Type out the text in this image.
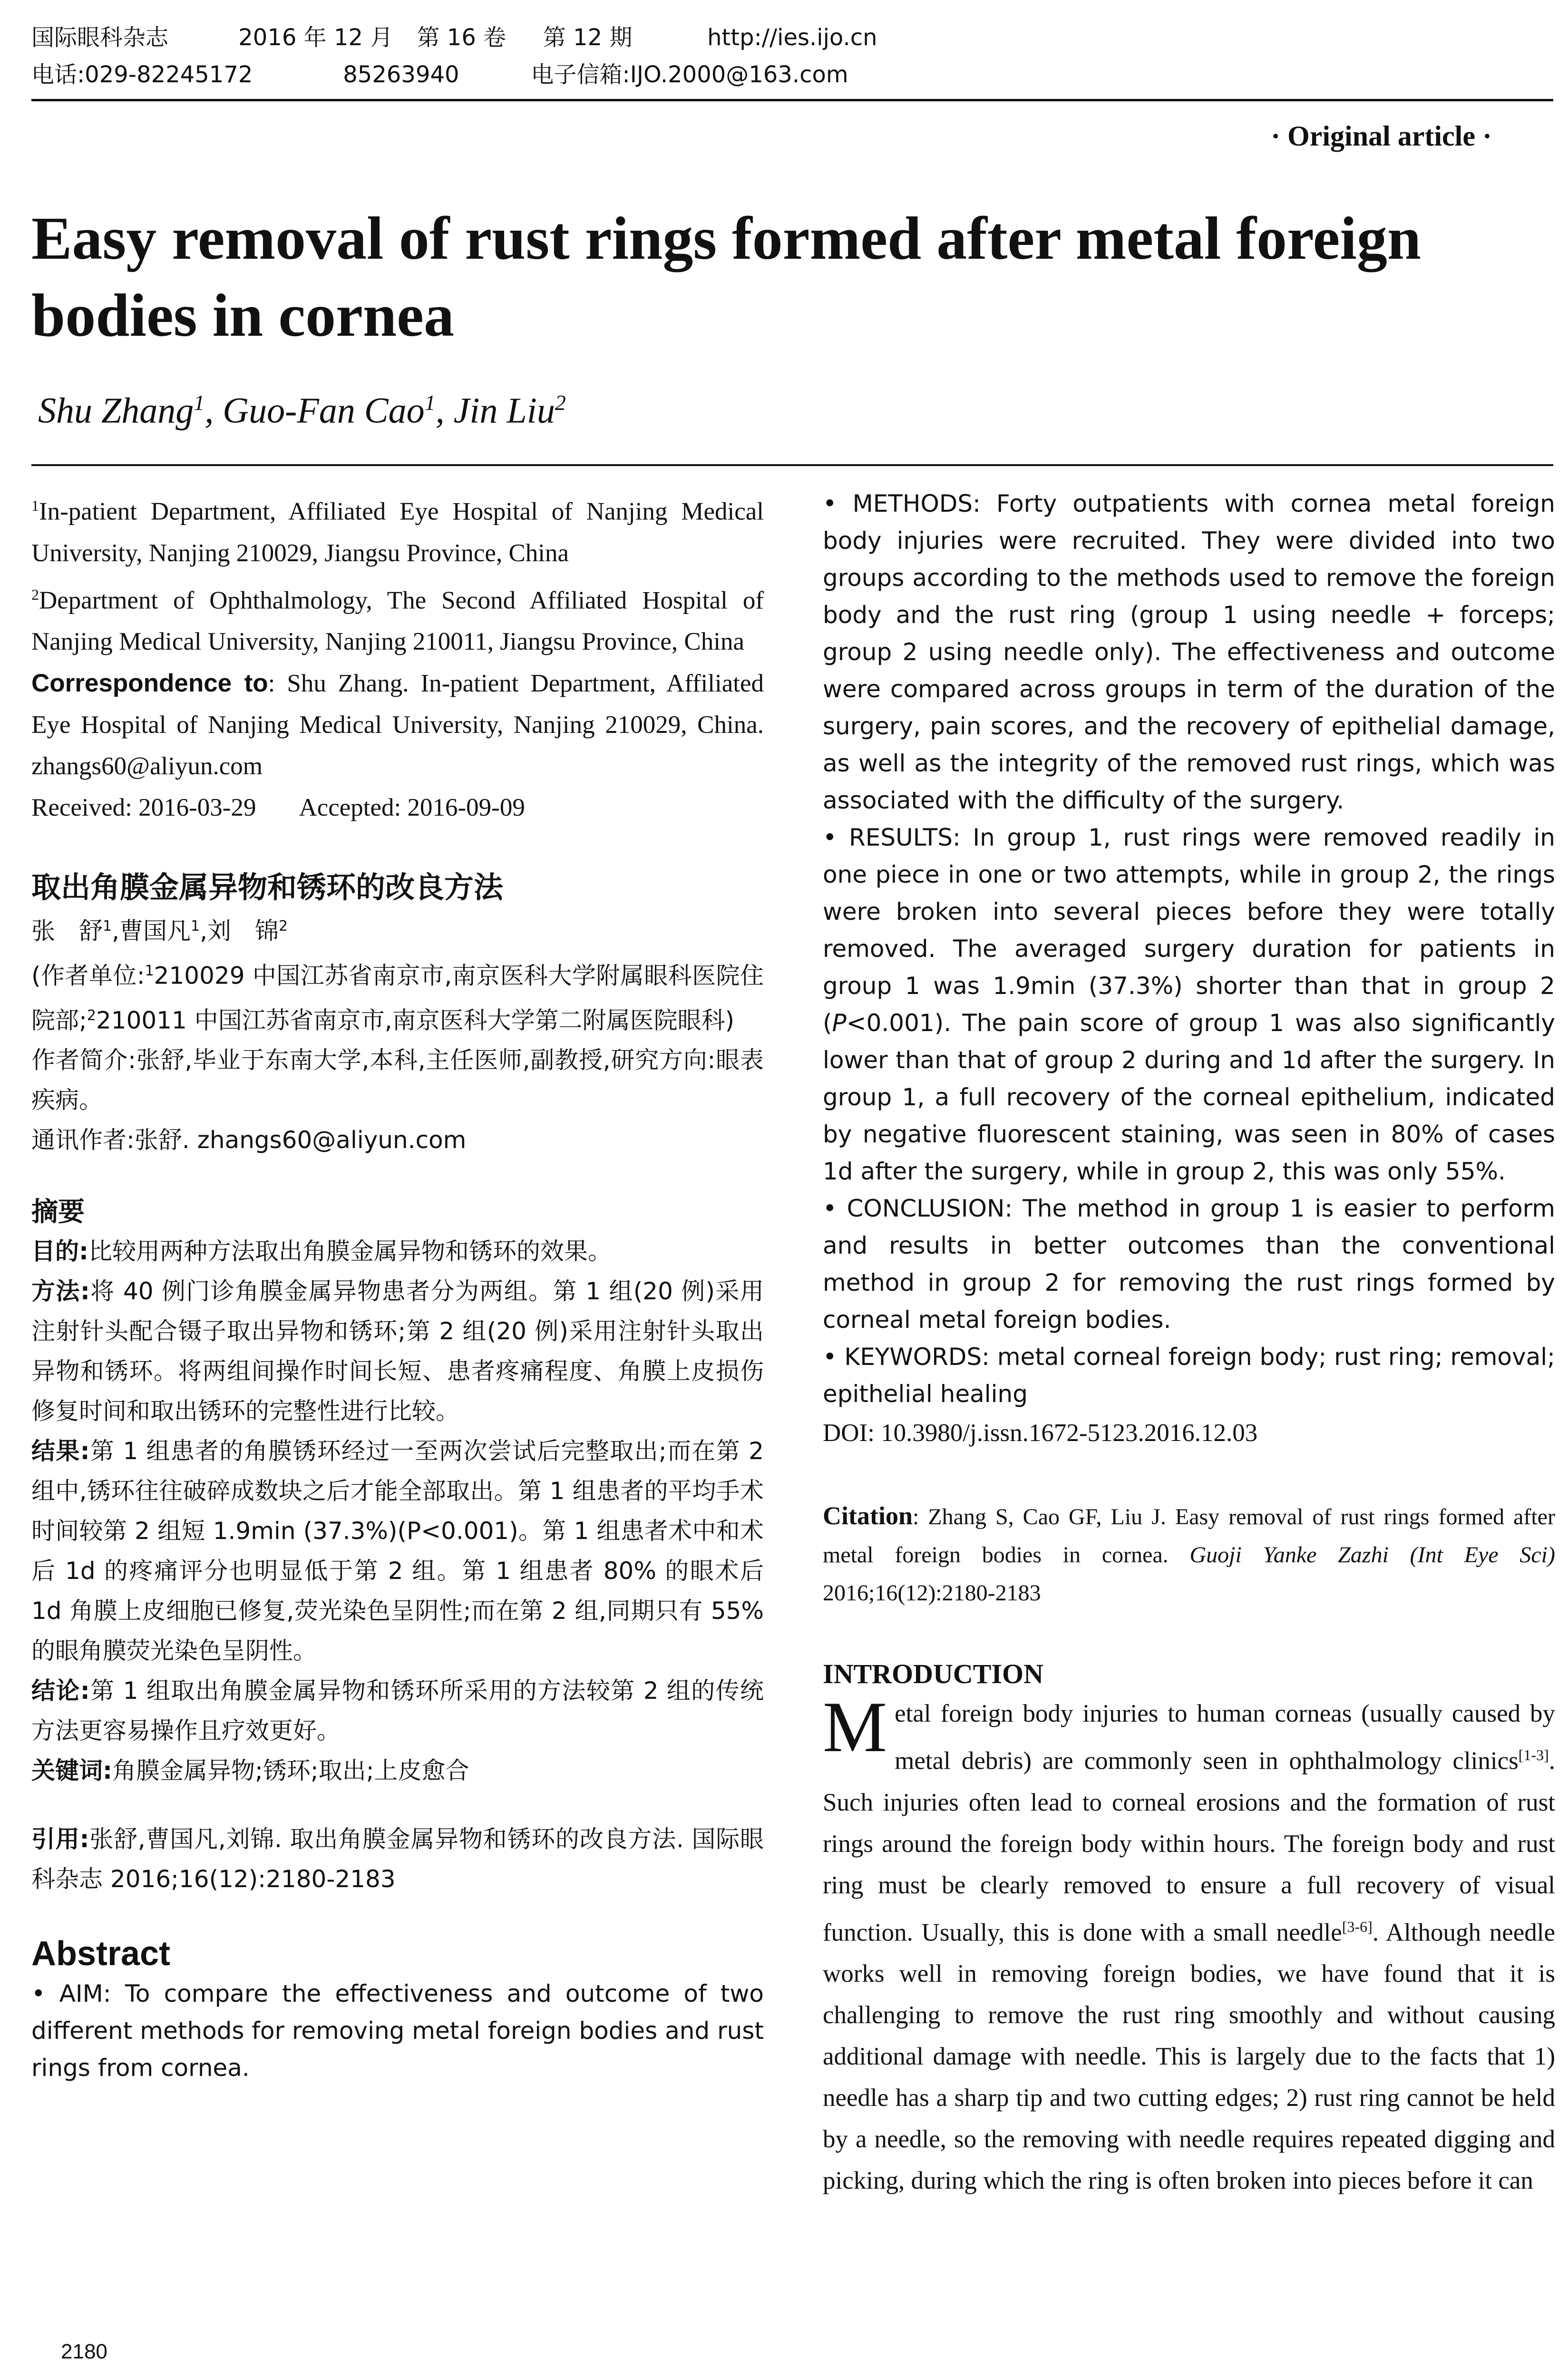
国际眼科杂志	2016 年 12 月 第 16 卷 第 12 期	http://ies.ijo.cn
电话:029-82245172	85263940	电子信箱:IJO.2000@163.com
· Original article ·
Easy removal of rust rings formed after metal foreign bodies in cornea
Shu Zhang$^1$, Guo-Fan Cao$^1$, Jin Liu$^2$

$^1$In-patient Department, Affiliated Eye Hospital of Nanjing Medical University, Nanjing 210029, Jiangsu Province, China

$^2$Department of Ophthalmology, The Second Affiliated Hospital of Nanjing Medical University, Nanjing 210011, Jiangsu Province, China

Correspondence to: Shu Zhang. In-patient Department, Affiliated Eye Hospital of Nanjing Medical University, Nanjing 210029, China. zhangs60@aliyun.com

Received: 2016-03-29 Accepted: 2016-09-09

取出角膜金属异物和锈环的改良方法

张　舒$^1$,曹国凡$^1$,刘　锦$^2$

(作者单位:$^1$210029 中国江苏省南京市,南京医科大学附属眼科医院住院部;$^2$210011 中国江苏省南京市,南京医科大学第二附属医院眼科)

作者简介:张舒,毕业于东南大学,本科,主任医师,副教授,研究方向:眼表疾病。

通讯作者:张舒. zhangs60@aliyun.com

摘要

目的:比较用两种方法取出角膜金属异物和锈环的效果。

方法:将 40 例门诊角膜金属异物患者分为两组。第 1 组(20 例)采用注射针头配合镊子取出异物和锈环;第 2 组(20 例)采用注射针头取出异物和锈环。将两组间操作时间长短、患者疼痛程度、角膜上皮损伤修复时间和取出锈环的完整性进行比较。

结果:第 1 组患者的角膜锈环经过一至两次尝试后完整取出;而在第 2 组中,锈环往往破碎成数块之后才能全部取出。第 1 组患者的平均手术时间较第 2 组短 1.9min (37.3%)(P<0.001)。第 1 组患者术中和术后 1d 的疼痛评分也明显低于第 2 组。第 1 组患者 80% 的眼术后 1d 角膜上皮细胞已修复,荧光染色呈阴性;而在第 2 组,同期只有 55% 的眼角膜荧光染色呈阴性。

结论:第 1 组取出角膜金属异物和锈环所采用的方法较第 2 组的传统方法更容易操作且疗效更好。

关键词:角膜金属异物;锈环;取出;上皮愈合

引用:张舒,曹国凡,刘锦. 取出角膜金属异物和锈环的改良方法. 国际眼科杂志 2016;16(12):2180-2183

Abstract

• AIM: To compare the effectiveness and outcome of two different methods for removing metal foreign bodies and rust rings from cornea.

• METHODS: Forty outpatients with cornea metal foreign body injuries were recruited. They were divided into two groups according to the methods used to remove the foreign body and the rust ring (group 1 using needle + forceps; group 2 using needle only). The effectiveness and outcome were compared across groups in term of the duration of the surgery, pain scores, and the recovery of epithelial damage, as well as the integrity of the removed rust rings, which was associated with the difficulty of the surgery.

• RESULTS: In group 1, rust rings were removed readily in one piece in one or two attempts, while in group 2, the rings were broken into several pieces before they were totally removed. The averaged surgery duration for patients in group 1 was 1.9min (37.3%) shorter than that in group 2 (P<0.001). The pain score of group 1 was also significantly lower than that of group 2 during and 1d after the surgery. In group 1, a full recovery of the corneal epithelium, indicated by negative fluorescent staining, was seen in 80% of cases 1d after the surgery, while in group 2, this was only 55%.

• CONCLUSION: The method in group 1 is easier to perform and results in better outcomes than the conventional method in group 2 for removing the rust rings formed by corneal metal foreign bodies.

• KEYWORDS: metal corneal foreign body; rust ring; removal; epithelial healing

DOI: 10.3980/j.issn.1672-5123.2016.12.03
Citation: Zhang S, Cao GF, Liu J. Easy removal of rust rings formed after metal foreign bodies in cornea. Guoji Yanke Zazhi (Int Eye Sci) 2016;16(12):2180-2183
INTRODUCTION

Metal foreign body injuries to human corneas (usually caused by metal debris) are commonly seen in ophthalmology clinics[1-3]. Such injuries often lead to corneal erosions and the formation of rust rings around the foreign body within hours. The foreign body and rust ring must be clearly removed to ensure a full recovery of visual function. Usually, this is done with a small needle[3-6]. Although needle works well in removing foreign bodies, we have found that it is challenging to remove the rust ring smoothly and without causing additional damage with needle. This is largely due to the facts that 1) needle has a sharp tip and two cutting edges; 2) rust ring cannot be held by a needle, so the removing with needle requires repeated digging and picking, during which the ring is often broken into pieces before it can

2180
